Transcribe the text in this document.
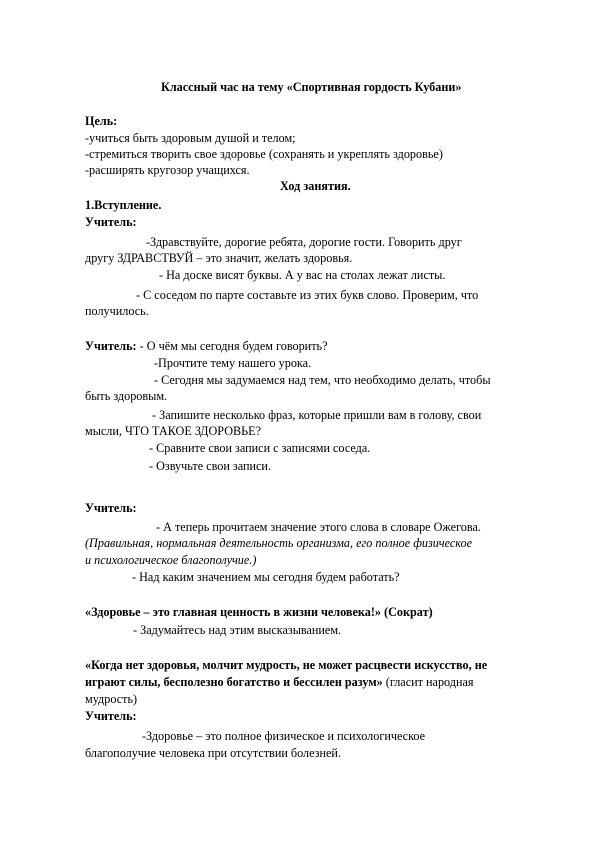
Классный час на тему «Спортивная гордость Кубани»
Цель:
-учиться быть здоровым душой и телом;
-стремиться творить свое здоровье (сохранять и укреплять здоровье)
-расширять кругозор учащихся.
Ход занятия.
1.Вступление.
Учитель:
-Здравствуйте, дорогие ребята, дорогие гости. Говорить друг
другу ЗДРАВСТВУЙ – это значит, желать здоровья.
- На доске висят буквы. А у вас на столах лежат листы.
- С соседом по парте составьте из этих букв слово. Проверим, что
получилось.
Учитель: - О чём мы сегодня будем говорить?
-Прочтите тему нашего урока.
- Сегодня мы задумаемся над тем, что необходимо делать, чтобы
быть здоровым.
- Запишите несколько фраз, которые пришли вам в голову, свои
мысли, ЧТО ТАКОЕ ЗДОРОВЬЕ?
- Сравните свои записи с записями соседа.
- Озвучьте свои записи.
Учитель:
- А теперь прочитаем значение этого слова в словаре Ожегова.
(Правильная, нормальная деятельность организма, его полное физическое
и психологическое благополучие.)
- Над каким значением мы сегодня будем работать?
«Здоровье – это главная ценность в жизни человека!» (Сократ)
- Задумайтесь над этим высказыванием.
«Когда нет здоровья, молчит мудрость, не может расцвести искусство, не
играют силы, бесполезно богатство и бессилен разум» (гласит народная
мудрость)
Учитель:
-Здоровье – это полное физическое и психологическое
благополучие человека при отсутствии болезней.
